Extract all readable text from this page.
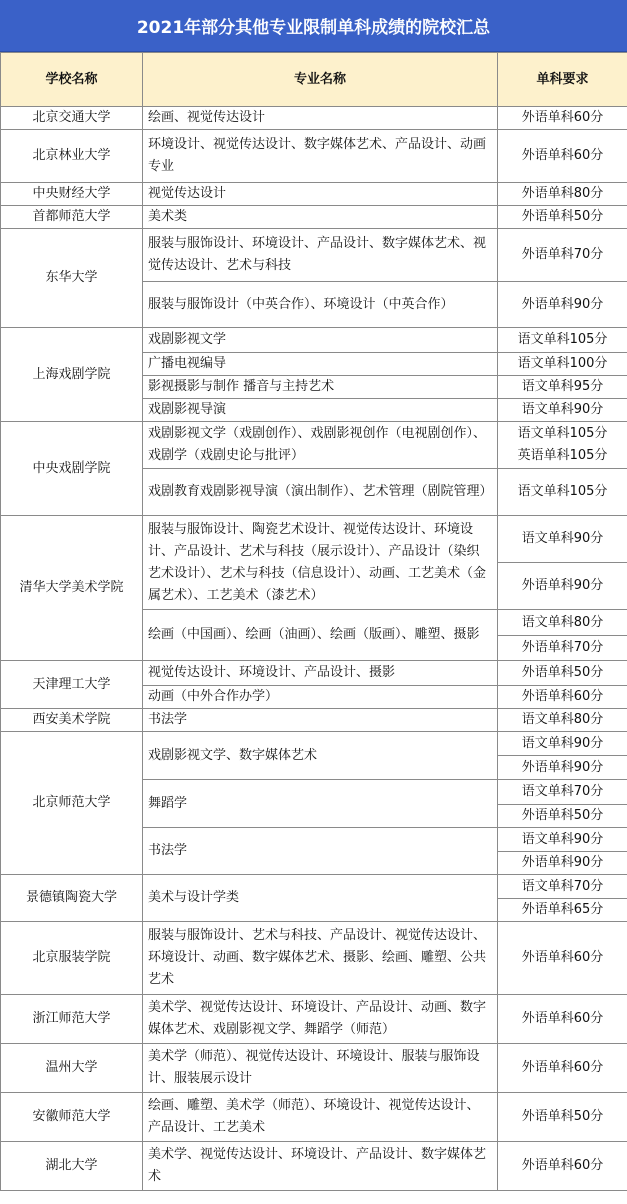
2021年部分其他专业限制单科成绩的院校汇总
学校名称	专业名称	单科要求
北京交通大学	绘画、视觉传达设计	外语单科60分
北京林业大学	环境设计、视觉传达设计、数字媒体艺术、产品设计、动画专业	外语单科60分
中央财经大学	视觉传达设计	外语单科80分
首都师范大学	美术类	外语单科50分
东华大学	服装与服饰设计、环境设计、产品设计、数字媒体艺术、视觉传达设计、艺术与科技	外语单科70分
	服装与服饰设计（中英合作）、环境设计（中英合作）	外语单科90分
上海戏剧学院	戏剧影视文学	语文单科105分
	广播电视编导	语文单科100分
	影视摄影与制作 播音与主持艺术	语文单科95分
	戏剧影视导演	语文单科90分
中央戏剧学院	戏剧影视文学（戏剧创作）、戏剧影视创作（电视剧创作）、戏剧学（戏剧史论与批评）	语文单科105分
英语单科105分
	戏剧教育戏剧影视导演（演出制作）、艺术管理（剧院管理）	语文单科105分
清华大学美术学院	服装与服饰设计、陶瓷艺术设计、视觉传达设计、环境设计、产品设计、艺术与科技（展示设计）、产品设计（染织艺术设计）、艺术与科技（信息设计）、动画、工艺美术（金属艺术）、工艺美术（漆艺术）	语文单科90分
		外语单科90分
	绘画（中国画）、绘画（油画）、绘画（版画）、雕塑、摄影	语文单科80分
		外语单科70分
天津理工大学	视觉传达设计、环境设计、产品设计、摄影	外语单科50分
	动画（中外合作办学）	外语单科60分
西安美术学院	书法学	语文单科80分
北京师范大学	戏剧影视文学、数字媒体艺术	语文单科90分
		外语单科90分
	舞蹈学	语文单科70分
		外语单科50分
	书法学	语文单科90分
		外语单科90分
景德镇陶瓷大学	美术与设计学类	语文单科70分
		外语单科65分
北京服装学院	服装与服饰设计、艺术与科技、产品设计、视觉传达设计、环境设计、动画、数字媒体艺术、摄影、绘画、雕塑、公共艺术	外语单科60分
浙江师范大学	美术学、视觉传达设计、环境设计、产品设计、动画、数字媒体艺术、戏剧影视文学、舞蹈学（师范）	外语单科60分
温州大学	美术学（师范）、视觉传达设计、环境设计、服装与服饰设计、服装展示设计	外语单科60分
安徽师范大学	绘画、雕塑、美术学（师范）、环境设计、视觉传达设计、产品设计、工艺美术	外语单科50分
湖北大学	美术学、视觉传达设计、环境设计、产品设计、数字媒体艺术	外语单科60分
